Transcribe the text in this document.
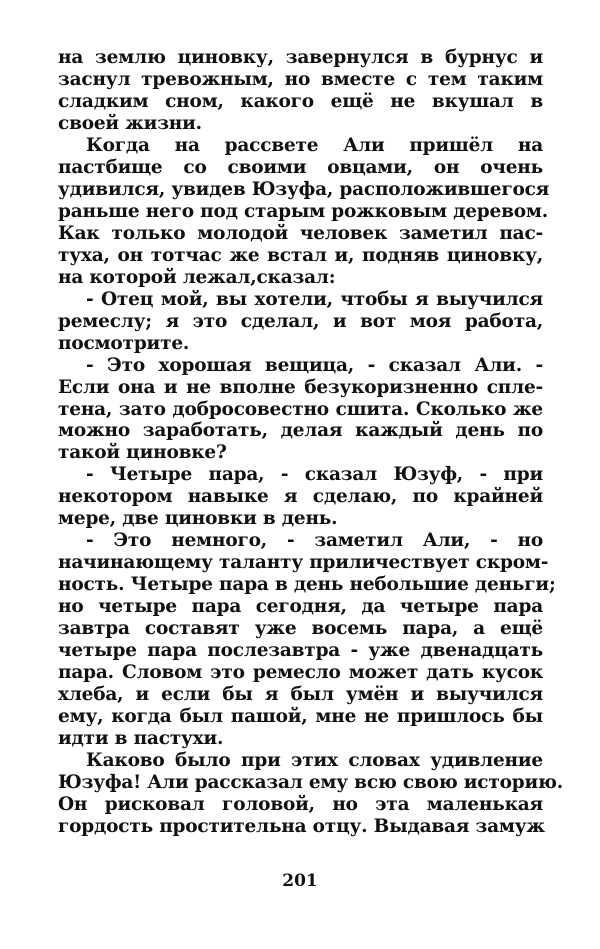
на землю циновку, завернулся в бурнус и
заснул тревожным, но вместе с тем таким
сладким сном, какого ещё не вкушал в
своей жизни.
Когда на рассвете Али пришёл на
пастбище со своими овцами, он очень
удивился, увидев Юзуфа, расположившегося
раньше него под старым рожковым деревом.
Как только молодой человек заметил пас-
туха, он тотчас же встал и, подняв циновку,
на которой лежал,сказал:
- Отец мой, вы хотели, чтобы я выучился
ремеслу; я это сделал, и вот моя работа,
посмотрите.
- Это хорошая вещица, - сказал Али. -
Если она и не вполне безукоризненно спле-
тена, зато добросовестно сшита. Сколько же
можно заработать, делая каждый день по
такой циновке?
- Четыре пара, - сказал Юзуф, - при
некотором навыке я сделаю, по крайней
мере, две циновки в день.
- Это немного, - заметил Али, - но
начинающему таланту приличествует скром-
ность. Четыре пара в день небольшие деньги;
но четыре пара сегодня, да четыре пара
завтра составят уже восемь пара, а ещё
четыре пара послезавтра - уже двенадцать
пара. Словом это ремесло может дать кусок
хлеба, и если бы я был умён и выучился
ему, когда был пашой, мне не пришлось бы
идти в пастухи.
Каково было при этих словах удивление
Юзуфа! Али рассказал ему всю свою историю.
Он рисковал головой, но эта маленькая
гордость простительна отцу. Выдавая замуж
201
